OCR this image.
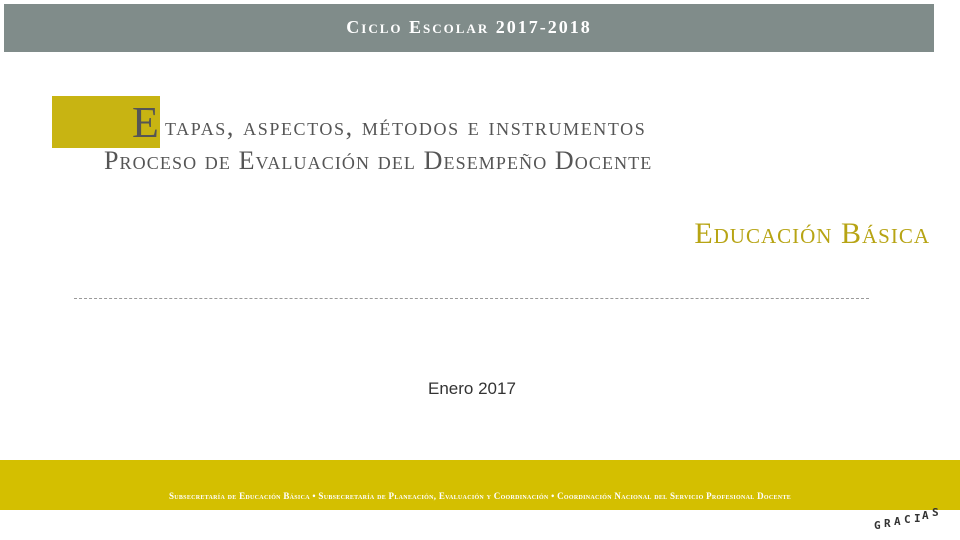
Ciclo Escolar 2017-2018
E tapas, aspectos, métodos e instrumentos
Proceso de Evaluación del Desempeño Docente
Educación Básica
Enero 2017
Subsecretaría de Educación Básica • Subsecretaría de Planeación, Evaluación y Coordinación • Coordinación Nacional del Servicio Profesional Docente
G R A C I A S
